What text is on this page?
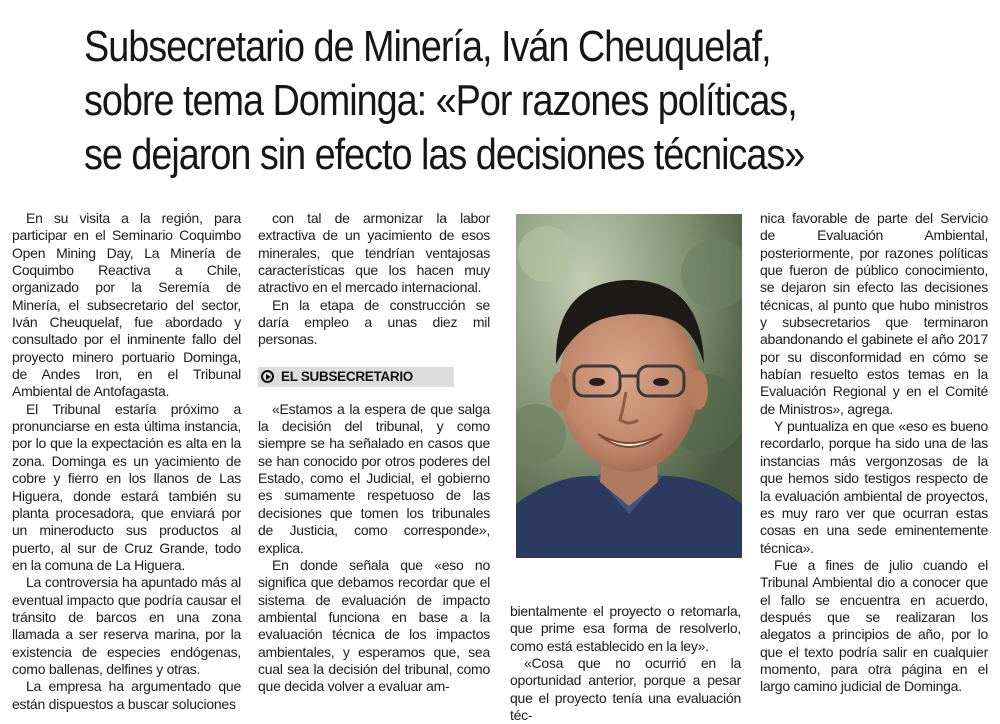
Subsecretario de Minería, Iván Cheuquelaf,
sobre tema Dominga: «Por razones políticas,
se dejaron sin efecto las decisiones técnicas»

En su visita a la región, para participar en el Seminario Coquimbo Open Mining Day, La Minería de Coquimbo Reactiva a Chile, organizado por la Seremía de Minería, el subsecretario del sector, Iván Cheuquelaf, fue abordado y consultado por el inminente fallo del proyecto minero portuario Dominga, de Andes Iron, en el Tribunal Ambiental de Antofagasta.

El Tribunal estaría próximo a pronunciarse en esta última instancia, por lo que la expectación es alta en la zona. Dominga es un yacimiento de cobre y fierro en los llanos de Las Higuera, donde estará también su planta procesadora, que enviará por un mineroducto sus productos al puerto, al sur de Cruz Grande, todo en la comuna de La Higuera.

La controversia ha apuntado más al eventual impacto que podría causar el tránsito de barcos en una zona llamada a ser reserva marina, por la existencia de especies endógenas, como ballenas, delfines y otras.

La empresa ha argumentado que están dispuestos a buscar soluciones

con tal de armonizar la labor extractiva de un yacimiento de esos minerales, que tendrían ventajosas características que los hacen muy atractivo en el mercado internacional.

En la etapa de construcción se daría empleo a unas diez mil personas.

EL SUBSECRETARIO

«Estamos a la espera de que salga la decisión del tribunal, y como siempre se ha señalado en casos que se han conocido por otros poderes del Estado, como el Judicial, el gobierno es sumamente respetuoso de las decisiones que tomen los tribunales de Justicia, como corresponde», explica.

En donde señala que «eso no significa que debamos recordar que el sistema de evaluación de impacto ambiental funciona en base a la evaluación técnica de los impactos ambientales, y esperamos que, sea cual sea la decisión del tribunal, como que decida volver a evaluar am-

bientalmente el proyecto o retomarla, que prime esa forma de resolverlo, como está establecido en la ley».

«Cosa que no ocurrió en la oportunidad anterior, porque a pesar que el proyecto tenía una evaluación téc-

nica favorable de parte del Servicio de Evaluación Ambiental, posteriormente, por razones políticas que fueron de público conocimiento, se dejaron sin efecto las decisiones técnicas, al punto que hubo ministros y subsecretarios que terminaron abandonando el gabinete el año 2017 por su disconformidad en cómo se habían resuelto estos temas en la Evaluación Regional y en el Comité de Ministros», agrega.

Y puntualiza en que «eso es bueno recordarlo, porque ha sido una de las instancias más vergonzosas de la que hemos sido testigos respecto de la evaluación ambiental de proyectos, es muy raro ver que ocurran estas cosas en una sede eminentemente técnica».

Fue a fines de julio cuando el Tribunal Ambiental dio a conocer que el fallo se encuentra en acuerdo, después que se realizaran los alegatos a principios de año, por lo que el texto podría salir en cualquier momento, para otra página en el largo camino judicial de Dominga.
